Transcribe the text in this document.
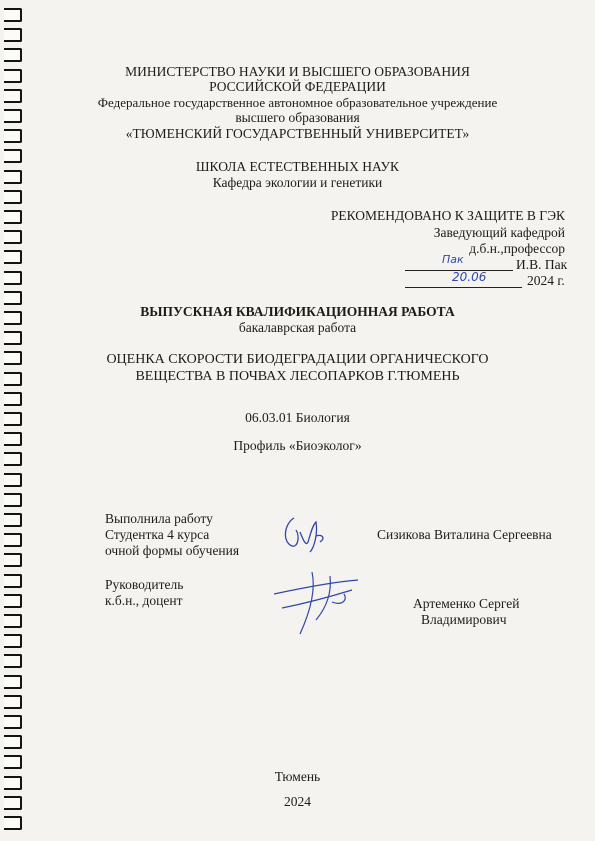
МИНИСТЕРСТВО НАУКИ И ВЫСШЕГО ОБРАЗОВАНИЯ
РОССИЙСКОЙ ФЕДЕРАЦИИ
Федеральное государственное автономное образовательное учреждение
высшего образования
«ТЮМЕНСКИЙ ГОСУДАРСТВЕННЫЙ УНИВЕРСИТЕТ»
ШКОЛА ЕСТЕСТВЕННЫХ НАУК
Кафедра экологии и генетики
РЕКОМЕНДОВАНО К ЗАЩИТЕ В ГЭК
Заведующий кафедрой
д.б.н.,профессор
Пак	И.В. Пак
20.06	2024 г.
ВЫПУСКНАЯ КВАЛИФИКАЦИОННАЯ РАБОТА
бакалаврская работа
ОЦЕНКА СКОРОСТИ БИОДЕГРАДАЦИИ ОРГАНИЧЕСКОГО
ВЕЩЕСТВА В ПОЧВАХ ЛЕСОПАРКОВ Г.ТЮМЕНЬ
06.03.01 Биология
Профиль «Биоэколог»
Выполнила работу
Студентка 4 курса
очной формы обучения
Сизикова Виталина Сергеевна
Руководитель
к.б.н., доцент	Артеменко Сергей
Владимирович
Тюмень
2024
